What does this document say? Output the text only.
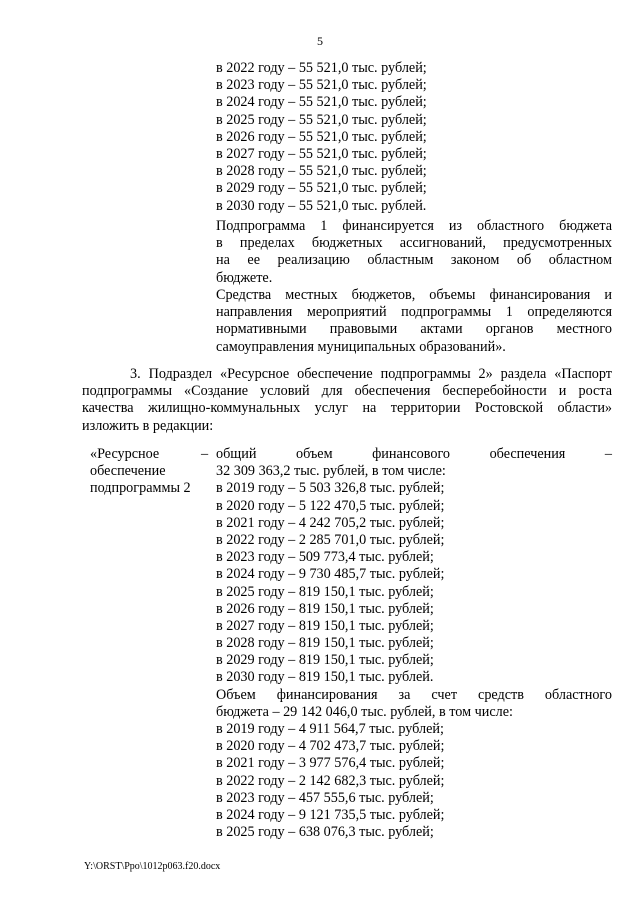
5
в 2022 году – 55 521,0 тыс. рублей;
в 2023 году – 55 521,0 тыс. рублей;
в 2024 году – 55 521,0 тыс. рублей;
в 2025 году – 55 521,0 тыс. рублей;
в 2026 году – 55 521,0 тыс. рублей;
в 2027 году – 55 521,0 тыс. рублей;
в 2028 году – 55 521,0 тыс. рублей;
в 2029 году – 55 521,0 тыс. рублей;
в 2030 году – 55 521,0 тыс. рублей.
Подпрограмма 1 финансируется из областного бюджета
в пределах бюджетных ассигнований, предусмотренных
на ее реализацию областным законом об областном
бюджете.
Средства местных бюджетов, объемы финансирования и
направления мероприятий подпрограммы 1 определяются
нормативными правовыми актами органов местного
самоуправления муниципальных образований».
3. Подраздел «Ресурсное обеспечение подпрограммы 2» раздела «Паспорт
подпрограммы «Создание условий для обеспечения бесперебойности и роста
качества жилищно-коммунальных услуг на территории Ростовской области»
изложить в редакции:
«Ресурсное
обеспечение
подпрограммы 2
– общий объем финансового обеспечения –
32 309 363,2 тыс. рублей, в том числе:
в 2019 году – 5 503 326,8 тыс. рублей;
в 2020 году – 5 122 470,5 тыс. рублей;
в 2021 году – 4 242 705,2 тыс. рублей;
в 2022 году – 2 285 701,0 тыс. рублей;
в 2023 году – 509 773,4 тыс. рублей;
в 2024 году – 9 730 485,7 тыс. рублей;
в 2025 году – 819 150,1 тыс. рублей;
в 2026 году – 819 150,1 тыс. рублей;
в 2027 году – 819 150,1 тыс. рублей;
в 2028 году – 819 150,1 тыс. рублей;
в 2029 году – 819 150,1 тыс. рублей;
в 2030 году – 819 150,1 тыс. рублей.
Объем финансирования за счет средств областного
бюджета – 29 142 046,0 тыс. рублей, в том числе:
в 2019 году – 4 911 564,7 тыс. рублей;
в 2020 году – 4 702 473,7 тыс. рублей;
в 2021 году – 3 977 576,4 тыс. рублей;
в 2022 году – 2 142 682,3 тыс. рублей;
в 2023 году – 457 555,6 тыс. рублей;
в 2024 году – 9 121 735,5 тыс. рублей;
в 2025 году – 638 076,3 тыс. рублей;
Y:\ORST\Ppo\1012p063.f20.docx
